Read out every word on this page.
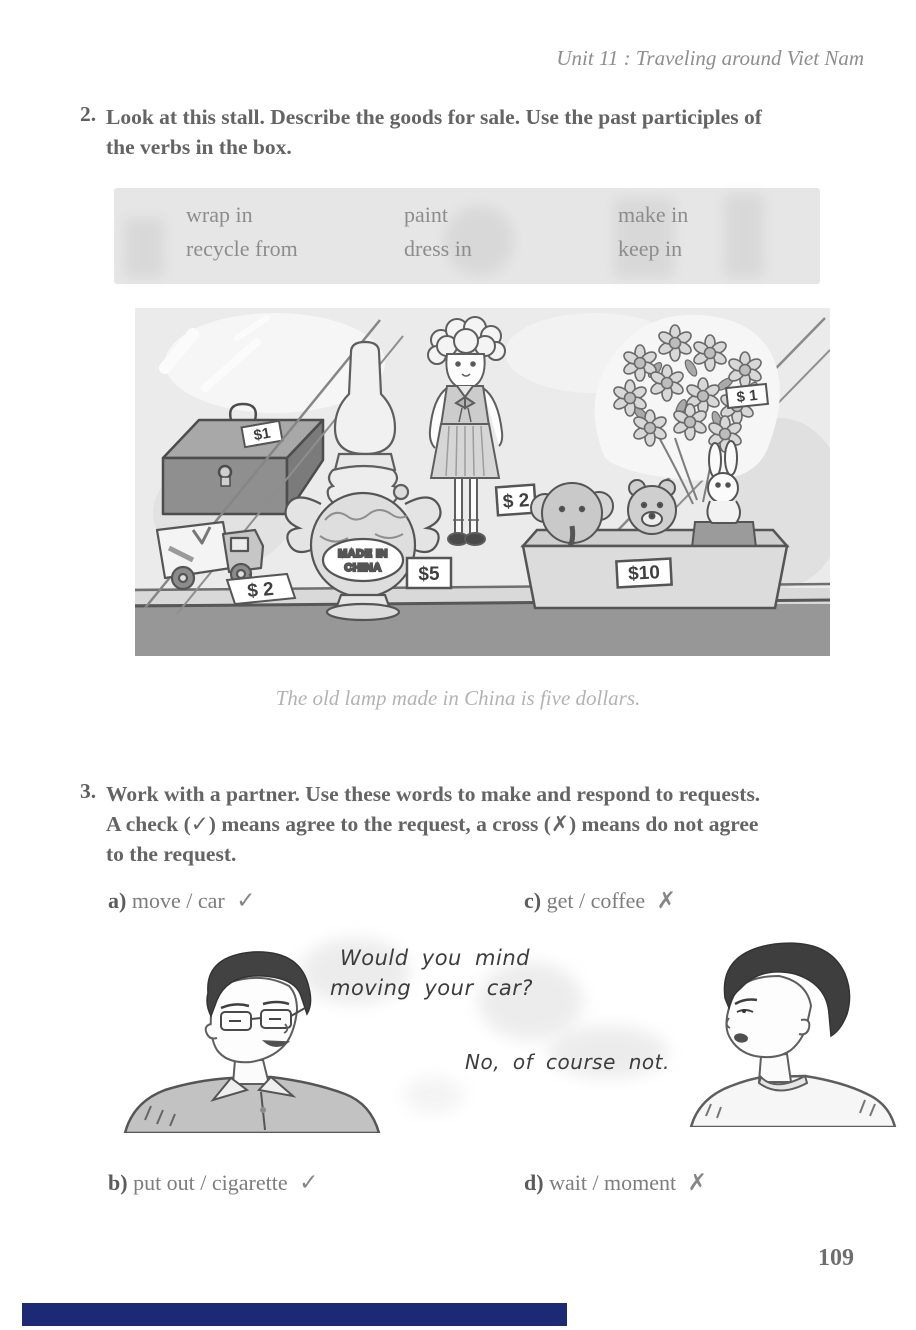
Unit 11 : Traveling around Viet Nam
2. Look at this stall. Describe the goods for sale. Use the past participles of
the verbs in the box.
wrap in
recycle from
paint
dress in
make in
keep in
$1
$ 2
MADE IN
CHINA $5
$ 2
$ 1
$10
The old lamp made in China is five dollars.
3. Work with a partner. Use these words to make and respond to requests.
A check (✓) means agree to the request, a cross (✗) means do not agree
to the request.
a) move / car ✓	c) get / coffee ✗
Would you mind
moving your car?
No, of course not.
b) put out / cigarette ✓	d) wait / moment ✗
109
